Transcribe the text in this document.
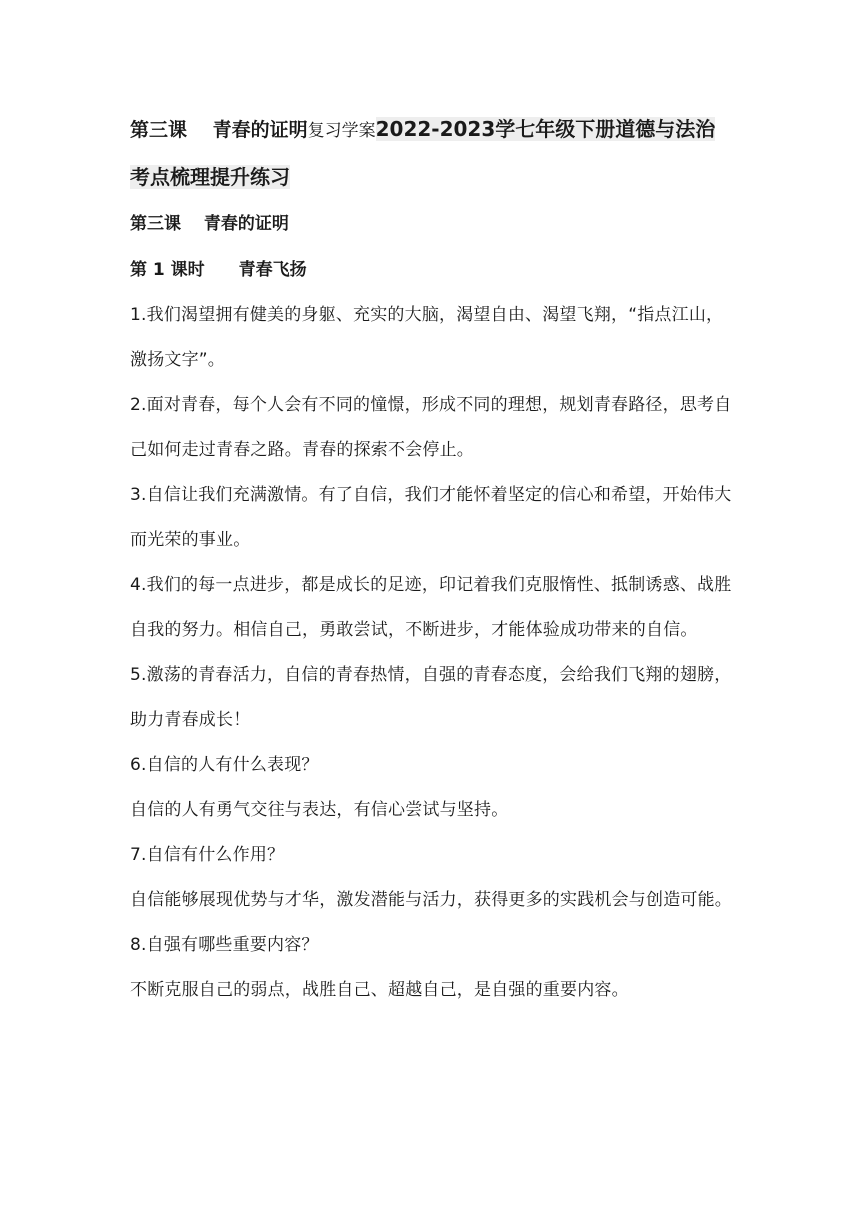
第三课　 青春的证明复习学案2022-2023学七年级下册道德与法治考点梳理提升练习

第三课　 青春的证明

第 1 课时　　青春飞扬

1.我们渴望拥有健美的身躯、充实的大脑，渴望自由、渴望飞翔，“指点江山，激扬文字”。

2.面对青春，每个人会有不同的憧憬，形成不同的理想，规划青春路径，思考自己如何走过青春之路。青春的探索不会停止。

3.自信让我们充满激情。有了自信，我们才能怀着坚定的信心和希望，开始伟大而光荣的事业。

4.我们的每一点进步，都是成长的足迹，印记着我们克服惰性、抵制诱惑、战胜自我的努力。相信自己，勇敢尝试，不断进步，才能体验成功带来的自信。

5.激荡的青春活力，自信的青春热情，自强的青春态度，会给我们飞翔的翅膀，助力青春成长！

6.自信的人有什么表现？

自信的人有勇气交往与表达，有信心尝试与坚持。

7.自信有什么作用？

自信能够展现优势与才华，激发潜能与活力，获得更多的实践机会与创造可能。

8.自强有哪些重要内容？

不断克服自己的弱点，战胜自己、超越自己，是自强的重要内容。
